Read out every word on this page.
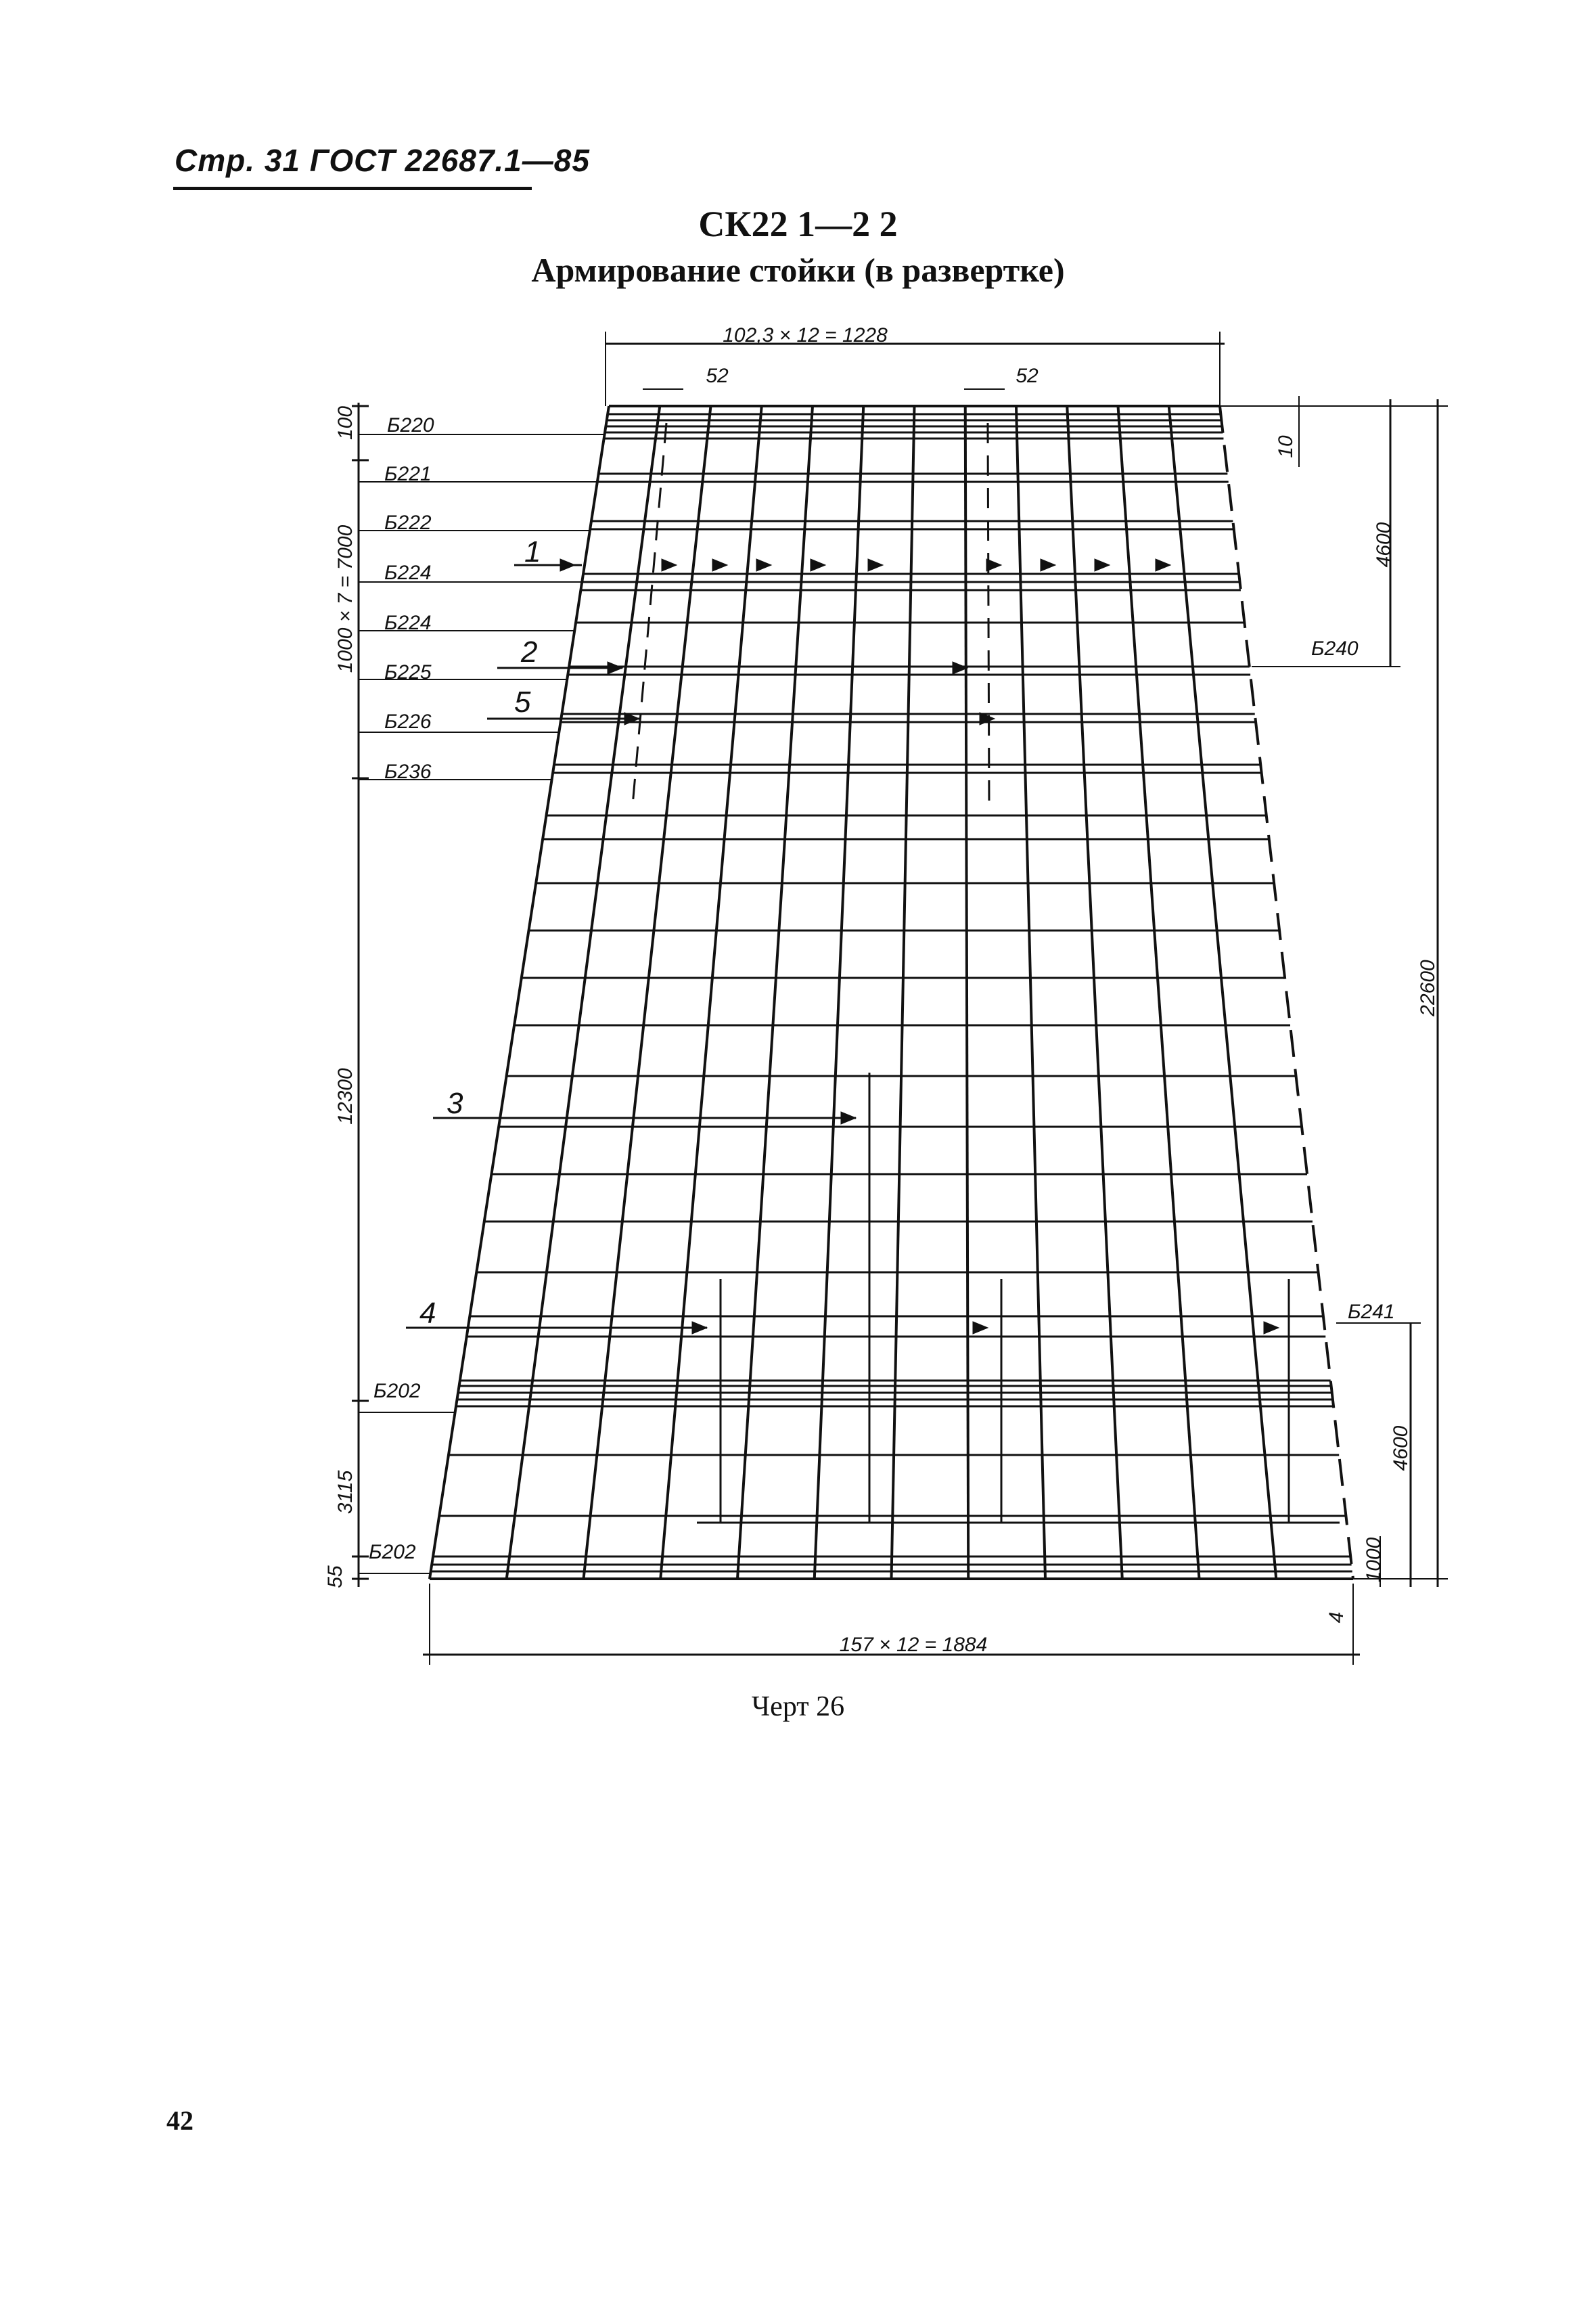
Стр. 31 ГОСТ 22687.1—85
СК22 1—2 2
Армирование стойки (в развертке)
102,3 × 12 = 1228
52	52
157 × 12 = 1884
100
1000 × 7 = 7000
12300
3115
55
10
4600
22600
4600
1000
4
Б220
Б221
Б222
Б224
Б224
Б225
Б226
Б236
Б202
Б202
Б240
Б241
1
2
5
3
4
Черт 26
42
